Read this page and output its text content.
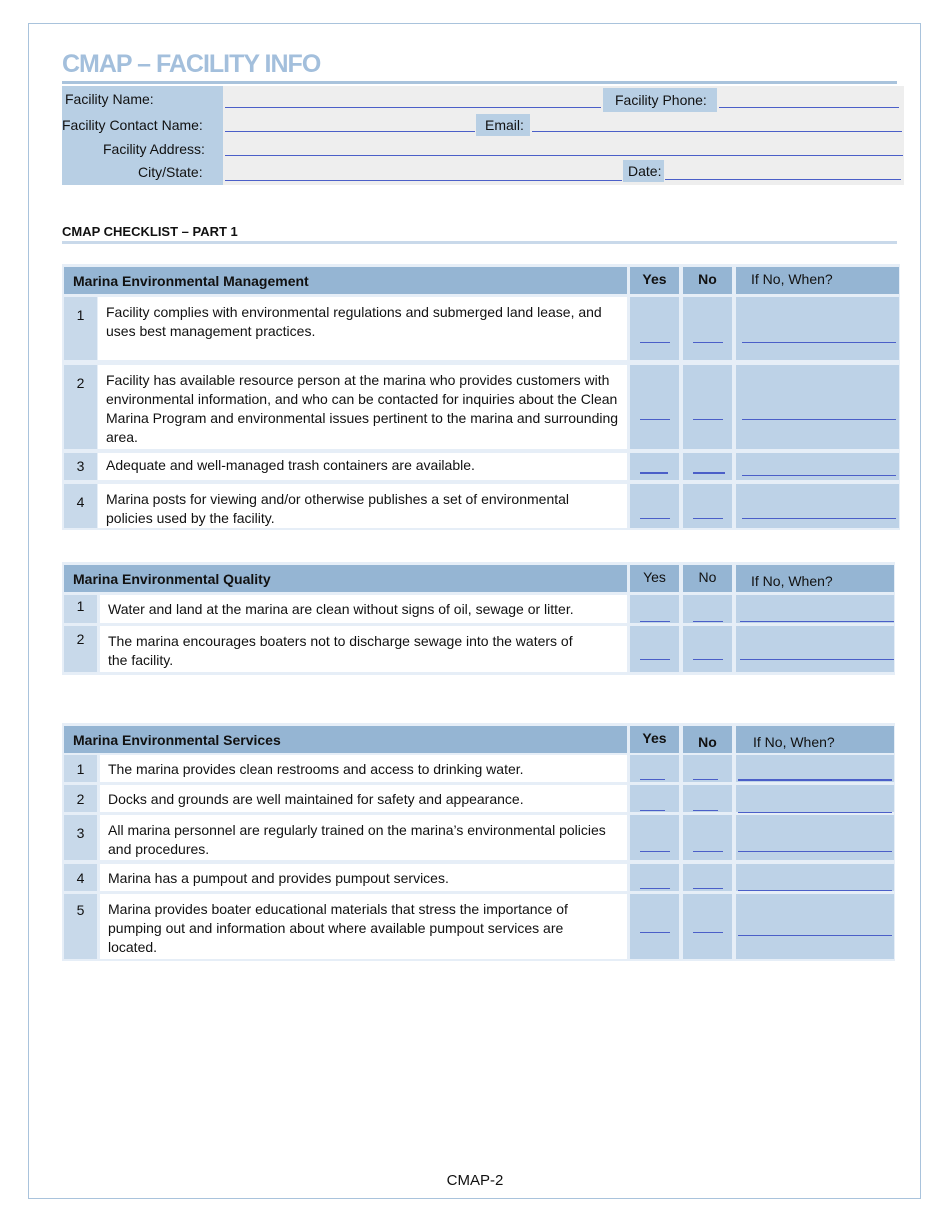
CMAP – FACILITY INFO
Facility Name:	Facility Phone:
Facility Contact Name:	Email:
Facility Address:
City/State:	Date:
CMAP CHECKLIST – PART 1
Marina Environmental Management	Yes	No	If No, When?
1	Facility complies with environmental regulations and submerged land lease, and uses best management practices.
2	Facility has available resource person at the marina who provides customers with environmental information, and who can be contacted for inquiries about the Clean Marina Program and environmental issues pertinent to the marina and surrounding area.
3	Adequate and well-managed trash containers are available.
4	Marina posts for viewing and/or otherwise publishes a set of environmental policies used by the facility.
Marina Environmental Quality	Yes	No	If No, When?
1	Water and land at the marina are clean without signs of oil, sewage or litter.
2	The marina encourages boaters not to discharge sewage into the waters of the facility.
Marina Environmental Services	Yes	No	If No, When?
1	The marina provides clean restrooms and access to drinking water.
2	Docks and grounds are well maintained for safety and appearance.
3	All marina personnel are regularly trained on the marina’s environmental policies and procedures.
4	Marina has a pumpout and provides pumpout services.
5	Marina provides boater educational materials that stress the importance of pumping out and information about where available pumpout services are located.
CMAP-2
